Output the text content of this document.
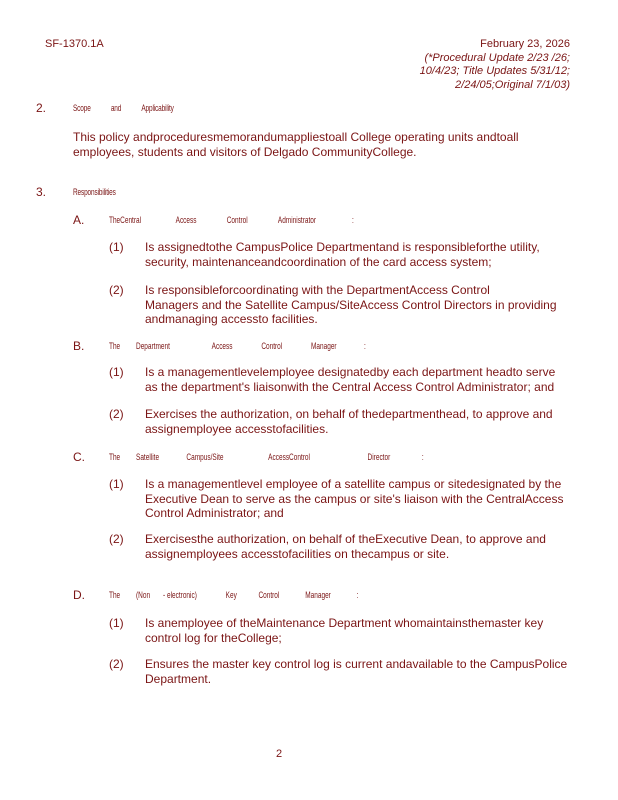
SF-1370.1A	February 23, 2026
(*Procedural Update 2/23 /26;
10/4/23; Title Updates 5/31/12;
2/24/05;Original 7/1/03)
2.	Scope and Applicability
This policy andproceduresmemorandumappliestoall College operating units andtoall
employees, students and visitors of Delgado CommunityCollege.
3.	Responsibilities
A.	TheCentral	Access	Control	Administrator	:
(1) Is assignedtothe CampusPolice Departmentand is responsibleforthe utility,
security, maintenanceandcoordination of the card access system;
(2) Is responsibleforcoordinating with the DepartmentAccess Control
Managers and the Satellite Campus/SiteAccess Control Directors in providing
andmanaging accessto facilities.
B.	The Department	Access	Control	Manager	:
(1) Is a managementlevelemployee designatedby each department headto serve
as the department's liaisonwith the Central Access Control Administrator; and
(2) Exercises the authorization, on behalf of thedepartmenthead, to approve and
assignemployee accesstofacilities.
C.	The Satellite	Campus/Site	AccessControl	Director	:
(1) Is a managementlevel employee of a satellite campus or sitedesignated by the
Executive Dean to serve as the campus or site's liaison with the CentralAccess
Control Administrator; and
(2) Exercisesthe authorization, on behalf of theExecutive Dean, to approve and
assignemployees accesstofacilities on thecampus or site.
D.	The (Non - electronic)	Key Control	Manager	:
(1) Is anemployee of theMaintenance Department whomaintainsthemaster key
control log for theCollege;
(2) Ensures the master key control log is current andavailable to the CampusPolice
Department.
2
